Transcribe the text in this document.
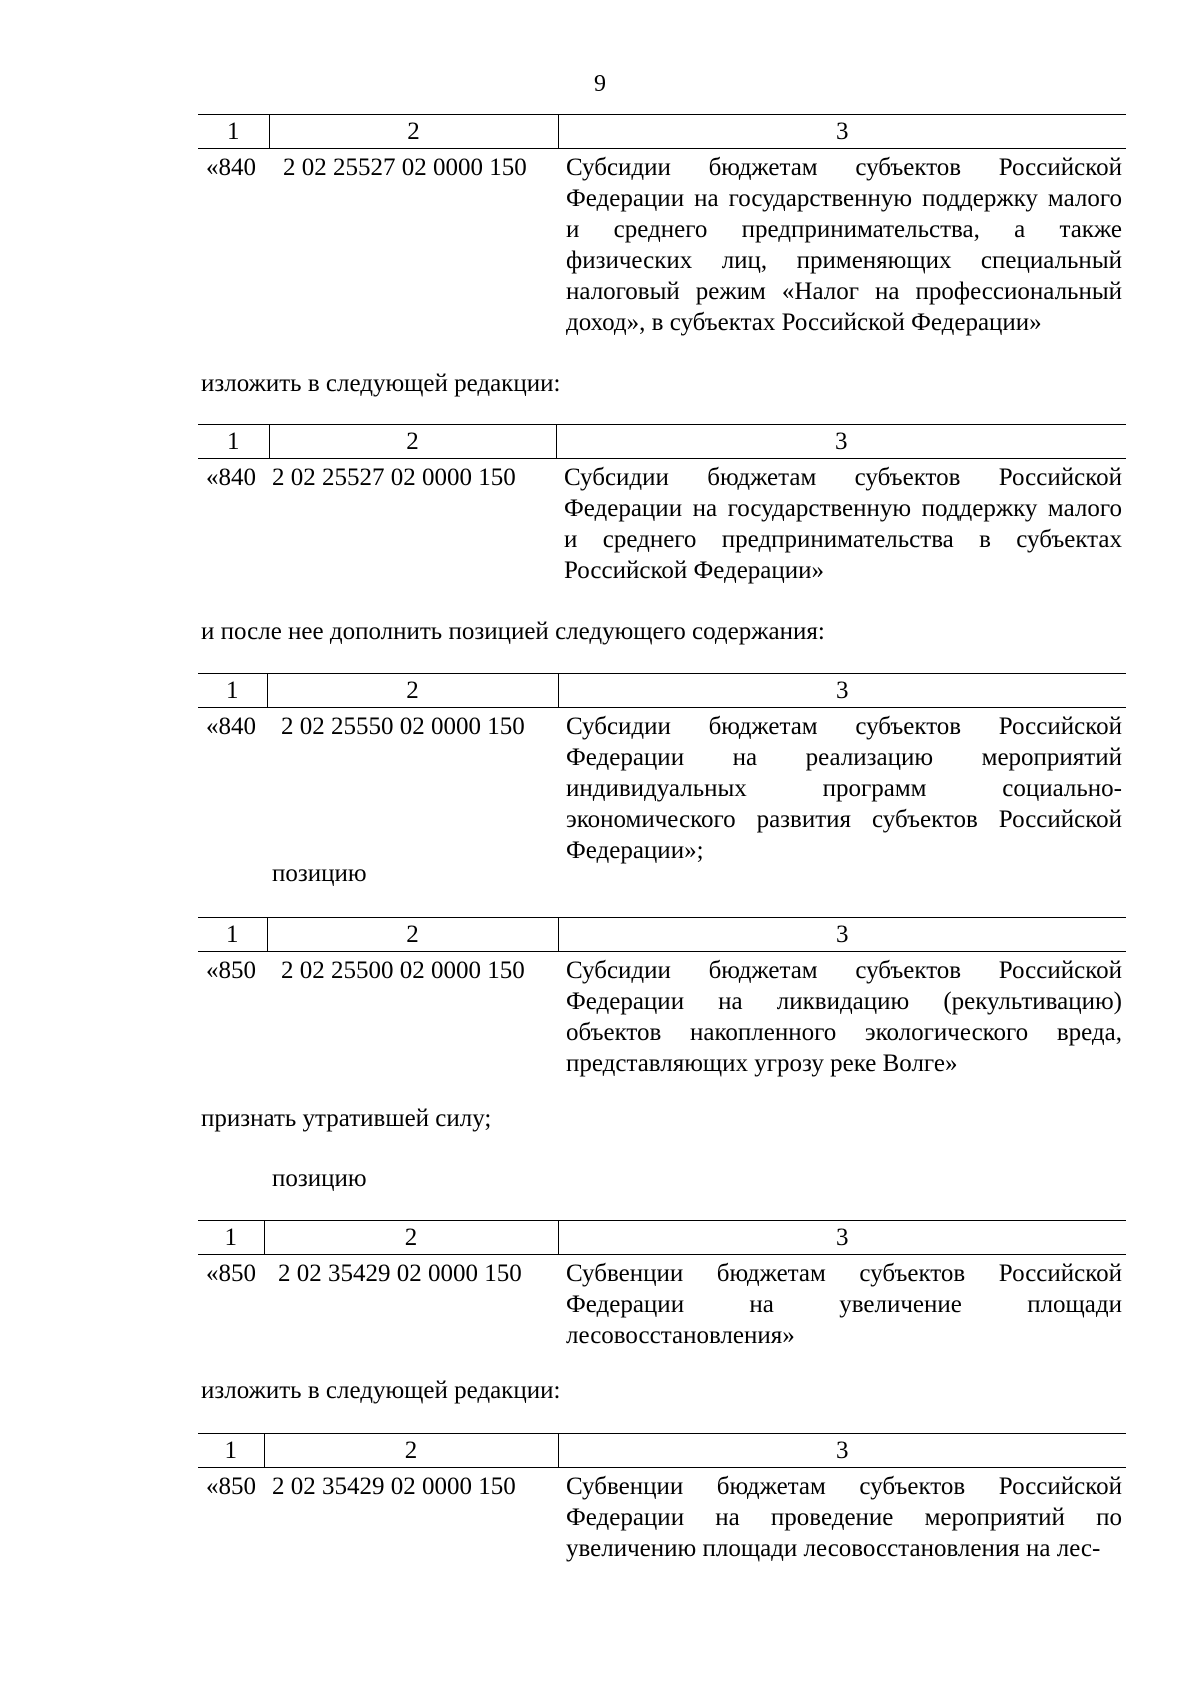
9
1	2	3
«840	2 02 25527 02 0000 150	Субсидии бюджетам субъектов Российской Федерации на государственную поддержку малого и среднего предпринимательства, а также физических лиц, применяющих специальный налоговый режим «Налог на профессиональный доход», в субъектах Российской Федерации»
изложить в следующей редакции:
1	2	3
«840	2 02 25527 02 0000 150	Субсидии бюджетам субъектов Российской Федерации на государственную поддержку малого и среднего предпринимательства в субъектах Российской Федерации»
и после нее дополнить позицией следующего содержания:
1	2	3
«840	2 02 25550 02 0000 150	Субсидии бюджетам субъектов Российской Федерации на реализацию мероприятий индивидуальных программ социально-экономического развития субъектов Российской Федерации»;
позицию
1	2	3
«850	2 02 25500 02 0000 150	Субсидии бюджетам субъектов Российской Федерации на ликвидацию (рекультивацию) объектов накопленного экологического вреда, представляющих угрозу реке Волге»
признать утратившей силу;
позицию
1	2	3
«850	2 02 35429 02 0000 150	Субвенции бюджетам субъектов Российской Федерации на увеличение площади лесовосстановления»
изложить в следующей редакции:
1	2	3
«850	2 02 35429 02 0000 150	Субвенции бюджетам субъектов Российской Федерации на проведение мероприятий по увеличению площади лесовосстановления на лес-
